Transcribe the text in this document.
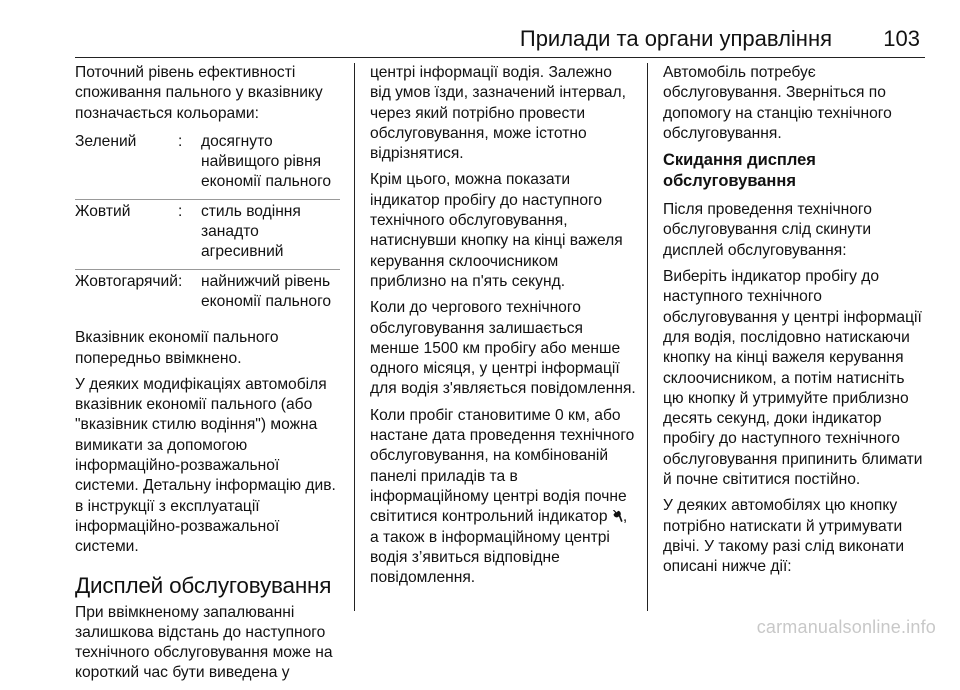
Прилади та органи управління 103

Поточний рівень ефективності споживання пального у вказівнику позначається кольорами:

Зелений	:	досягнуто найвищого рівня економії пального
Жовтий	:	стиль водіння занадто агресивний
Жовтогарячий	:	найнижчий рівень економії пального

Вказівник економії пального попередньо ввімкнено.

У деяких модифікаціях автомобіля вказівник економії пального (або "вказівник стилю водіння") можна вимикати за допомогою інформаційно-розважальної системи. Детальну інформацію див. в інструкції з експлуатації інформаційно-розважальної системи.

Дисплей обслуговування

При ввімкненому запалюванні залишкова відстань до наступного технічного обслуговування може на короткий час бути виведена у

центрі інформації водія. Залежно від умов їзди, зазначений інтервал, через який потрібно провести обслуговування, може істотно відрізнятися.

Крім цього, можна показати індикатор пробігу до наступного технічного обслуговування, натиснувши кнопку на кінці важеля керування склоочисником приблизно на п'ять секунд.

Коли до чергового технічного обслуговування залишається менше 1500 км пробігу або менше одного місяця, у центрі інформації для водія з'являється повідомлення.

Коли пробіг становитиме 0 км, або настане дата проведення технічного обслуговування, на комбінованій панелі приладів та в інформаційному центрі водія почне світитися контрольний індикатор , а також в інформаційному центрі водія з’явиться відповідне повідомлення.

Автомобіль потребує обслуговування. Зверніться по допомогу на станцію технічного обслуговування.

Скидання дисплея обслуговування

Після проведення технічного обслуговування слід скинути дисплей обслуговування:

Виберіть індикатор пробігу до наступного технічного обслуговування у центрі інформації для водія, послідовно натискаючи кнопку на кінці важеля керування склоочисником, а потім натисніть цю кнопку й утримуйте приблизно десять секунд, доки індикатор пробігу до наступного технічного обслуговування припинить блимати й почне світитися постійно.

У деяких автомобілях цю кнопку потрібно натискати й утримувати двічі. У такому разі слід виконати описані нижче дії:

carmanualsonline.info
